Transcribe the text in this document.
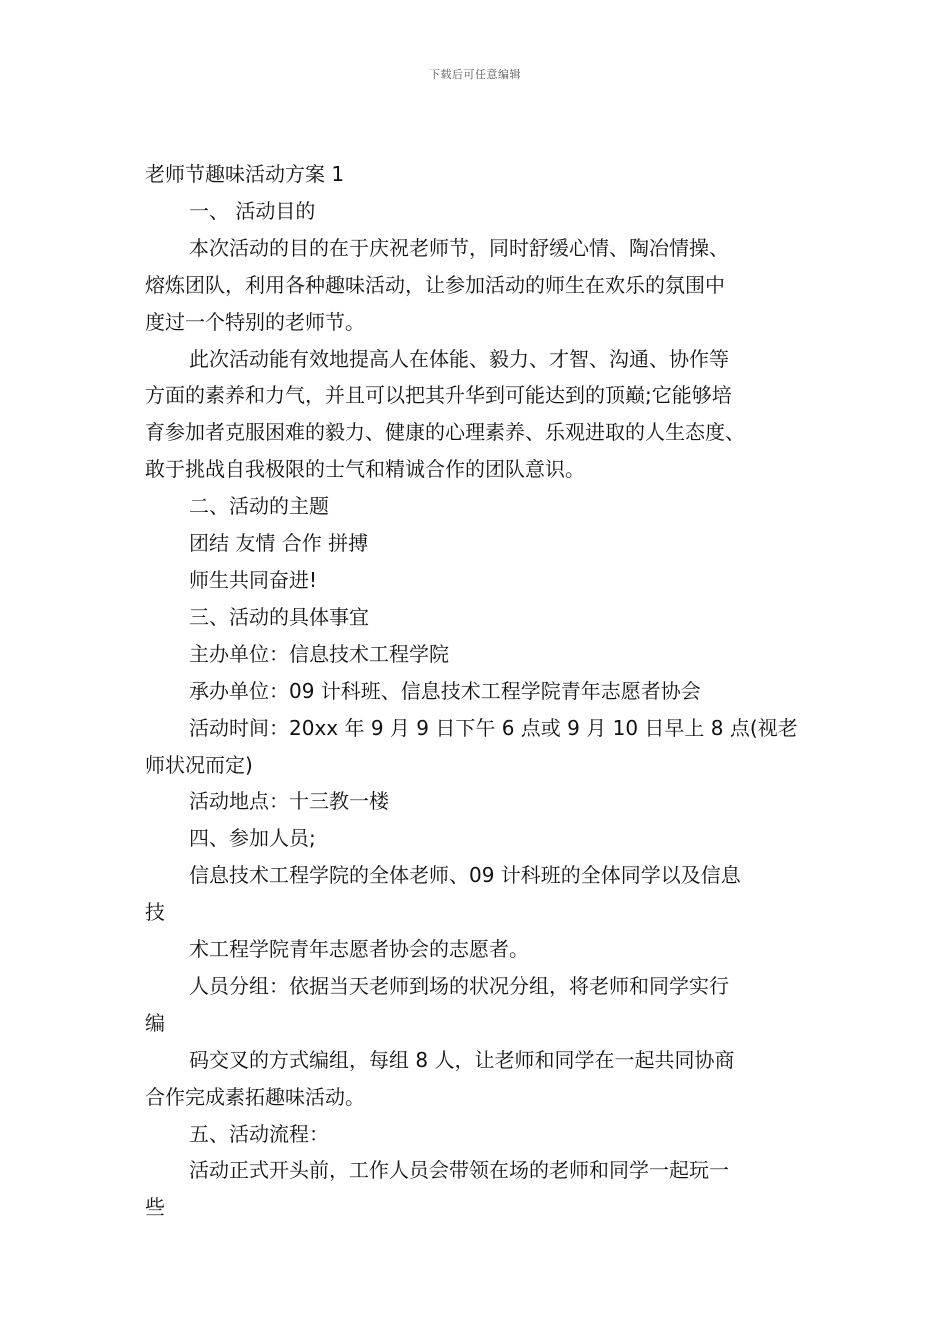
下载后可任意编辑
老师节趣味活动方案 1
一、 活动目的
本次活动的目的在于庆祝老师节，同时舒缓心情、陶冶情操、
熔炼团队，利用各种趣味活动，让参加活动的师生在欢乐的氛围中
度过一个特别的老师节。
此次活动能有效地提高人在体能、毅力、才智、沟通、协作等
方面的素养和力气，并且可以把其升华到可能达到的顶巅;它能够培
育参加者克服困难的毅力、健康的心理素养、乐观进取的人生态度、
敢于挑战自我极限的士气和精诚合作的团队意识。
二、活动的主题
团结 友情 合作 拼搏
师生共同奋进!
三、活动的具体事宜
主办单位：信息技术工程学院
承办单位：09 计科班、信息技术工程学院青年志愿者协会
活动时间：20xx 年 9 月 9 日下午 6 点或 9 月 10 日早上 8 点(视老
师状况而定)
活动地点：十三教一楼
四、参加人员;
信息技术工程学院的全体老师、09 计科班的全体同学以及信息
技
术工程学院青年志愿者协会的志愿者。
人员分组：依据当天老师到场的状况分组，将老师和同学实行
编
码交叉的方式编组，每组 8 人，让老师和同学在一起共同协商
合作完成素拓趣味活动。
五、活动流程：
活动正式开头前，工作人员会带领在场的老师和同学一起玩一
些
